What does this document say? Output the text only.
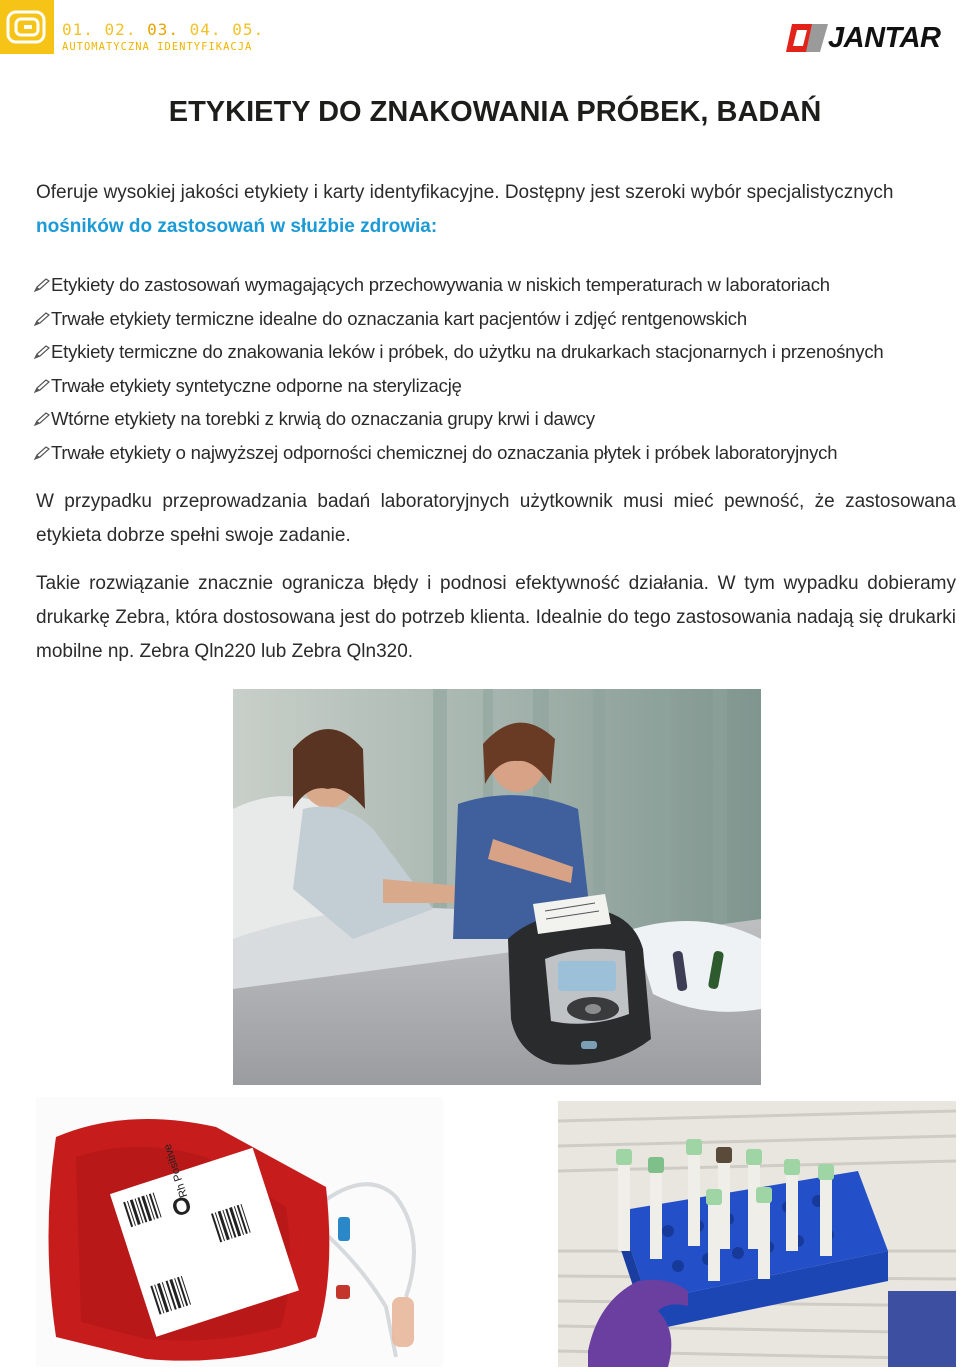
01. 02. 03. 04. 05.
AUTOMATYCZNA IDENTYFIKACJA	JANTAR
ETYKIETY DO ZNAKOWANIA PRÓBEK, BADAŃ
Oferuje wysokiej jakości etykiety i karty identyfikacyjne. Dostępny jest szeroki wybór specjalistycznych
nośników do zastosowań w służbie zdrowia:
Etykiety do zastosowań wymagających przechowywania w niskich temperaturach w laboratoriach
Trwałe etykiety termiczne idealne do oznaczania kart pacjentów i zdjęć rentgenowskich
Etykiety termiczne do znakowania leków i próbek, do użytku na drukarkach stacjonarnych i przenośnych
Trwałe etykiety syntetyczne odporne na sterylizację
Wtórne etykiety na torebki z krwią do oznaczania grupy krwi i dawcy
Trwałe etykiety o najwyższej odporności chemicznej do oznaczania płytek i próbek laboratoryjnych
W przypadku przeprowadzania badań laboratoryjnych użytkownik musi mieć pewność, że zastosowana etykieta dobrze spełni swoje zadanie.
Takie rozwiązanie znacznie ogranicza błędy i podnosi efektywność działania. W tym wypadku dobieramy drukarkę Zebra, która dostosowana jest do potrzeb klienta. Idealnie do tego zastosowania nadają się drukarki mobilne np. Zebra Qln220 lub Zebra Qln320.
O
Rh Positive
